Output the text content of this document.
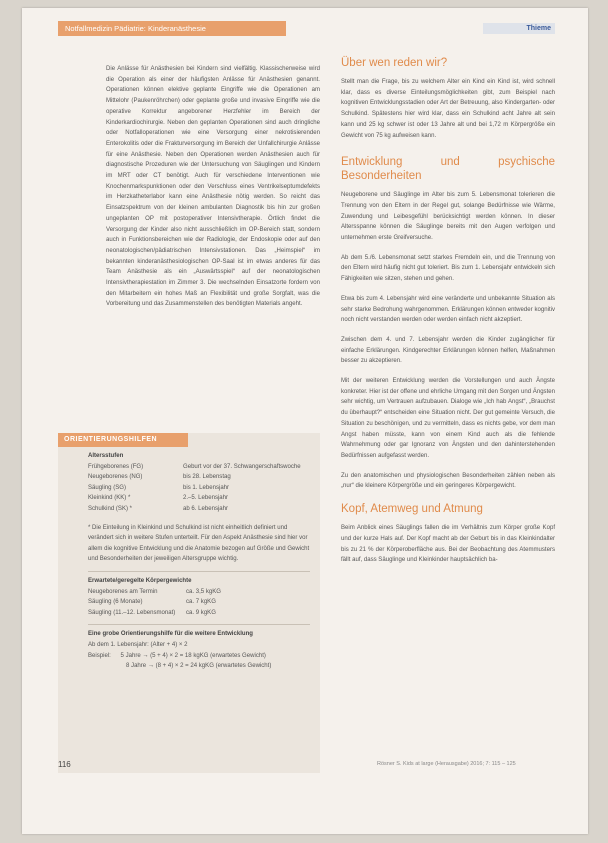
Notfallmedizin Pädiatrie: Kinderanästhesie	Thieme

Die Anlässe für Anästhesien bei Kindern sind vielfältig. Klassischerweise wird die Operation als einer der häufigsten Anlässe für Anästhesien genannt. Operationen können elektive geplante Eingriffe wie die Operationen am Mittelohr (Paukenröhrchen) oder geplante große und invasive Eingriffe wie die operative Korrektur angeborener Herzfehler im Bereich der Kinderkardiochirurgie. Neben den geplanten Operationen sind auch dringliche oder Notfalloperationen wie eine Versorgung einer nekrotisierenden Enterokolitis oder die Frakturversorgung im Bereich der Unfallchirurgie Anlässe für eine Anästhesie. Neben den Operationen werden Anästhesien auch für diagnostische Prozeduren wie der Untersuchung von Säuglingen und Kindern im MRT oder CT benötigt. Auch für verschiedene Interventionen wie Knochenmarkspunktionen oder den Verschluss eines Ventrikelseptumdefekts im Herzkatheterlabor kann eine Anästhesie nötig werden. So reicht das Einsatzspektrum von der kleinen ambulanten Diagnostik bis hin zur großen ungeplanten OP mit postoperativer Intensivtherapie. Örtlich findet die Versorgung der Kinder also nicht ausschließlich im OP-Bereich statt, sondern auch in Funktionsbereichen wie der Radiologie, der Endoskopie oder auf den neonatologischen/pädiatrischen Intensivstationen. Das „Heimspiel“ im bekannten kinderanästhesiologischen OP-Saal ist im etwas anderes für das Team Anästhesie als ein „Auswärtsspiel“ auf der neonatologischen Intensivtherapiestation im Zimmer 3. Die wechselnden Einsatzorte fordern von den Mitarbeitern ein hohes Maß an Flexibilität und große Sorgfalt, was die Vorbereitung und das Zusammenstellen des benötigten Materials angeht.

ORIENTIERUNGSHILFEN
Altersstufen
Frühgeborenes (FG)	Geburt vor der 37. Schwangerschaftswoche
Neugeborenes (NG)	bis 28. Lebenstag
Säugling (SG)	bis 1. Lebensjahr
Kleinkind (KK) *	2.–5. Lebensjahr
Schulkind (SK) *	ab 6. Lebensjahr
* Die Einteilung in Kleinkind und Schulkind ist nicht einheitlich definiert und verändert sich in weitere Stufen unterteilt. Für den Aspekt Anästhesie sind hier vor allem die kognitive Entwicklung und die Anatomie bezogen auf Größe und Gewicht und Besonderheiten der jeweiligen Altersgruppe wichtig.
Erwartete/geregelte Körpergewichte
Neugeborenes am Termin	ca. 3,5 kgKG
Säugling (6 Monate)	ca. 7 kgKG
Säugling (11.–12. Lebensmonat)	ca. 9 kgKG
Eine grobe Orientierungshilfe für die weitere Entwicklung
Ab dem 1. Lebensjahr: (Alter + 4) × 2
Beispiel: 5 Jahre → (5 + 4) × 2 = 18 kgKG (erwartetes Gewicht)
8 Jahre → (8 + 4) × 2 = 24 kgKG (erwartetes Gewicht)
Über wen reden wir?

Stellt man die Frage, bis zu welchem Alter ein Kind ein Kind ist, wird schnell klar, dass es diverse Einteilungsmöglichkeiten gibt, zum Beispiel nach kognitiven Entwicklungsstadien oder Art der Betreuung, also Kindergarten- oder Schulkind. Spätestens hier wird klar, dass ein Schulkind acht Jahre alt sein kann und 25 kg schwer ist oder 13 Jahre alt und bei 1,72 m Körpergröße ein Gewicht von 75 kg aufweisen kann.

Entwicklung und psychische Besonderheiten

Neugeborene und Säuglinge im Alter bis zum 5. Lebensmonat tolerieren die Trennung von den Eltern in der Regel gut, solange Bedürfnisse wie Wärme, Zuwendung und Leibesgefühl berücksichtigt werden können. In dieser Altersspanne können die Säuglinge bereits mit den Augen verfolgen und unternehmen erste Greifversuche.

Ab dem 5./6. Lebensmonat setzt starkes Fremdeln ein, und die Trennung von den Eltern wird häufig nicht gut toleriert. Bis zum 1. Lebensjahr entwickeln sich Fähigkeiten wie sitzen, stehen und gehen.

Etwa bis zum 4. Lebensjahr wird eine veränderte und unbekannte Situation als sehr starke Bedrohung wahrgenommen. Erklärungen können entweder kognitiv noch nicht verstanden werden oder werden einfach nicht akzeptiert.

Zwischen dem 4. und 7. Lebensjahr werden die Kinder zugänglicher für einfache Erklärungen. Kindgerechter Erklärungen können helfen, Maßnahmen besser zu akzeptieren.

Mit der weiteren Entwicklung werden die Vorstellungen und auch Ängste konkreter. Hier ist der offene und ehrliche Umgang mit den Sorgen und Ängsten sehr wichtig, um Vertrauen aufzubauen. Dialoge wie „Ich hab Angst“, „Brauchst du überhaupt?“ entscheiden eine Situation nicht. Der gut gemeinte Versuch, die Situation zu beschönigen, und zu vermitteln, dass es nichts gebe, vor dem man Angst haben müsste, kann von einem Kind auch als die fehlende Wahrnehmung oder gar Ignoranz von Ängsten und den dahinterstehenden Bedürfnissen aufgefasst werden.

Zu den anatomischen und physiologischen Besonderheiten zählen neben als „nur“ die kleinere Körpergröße und ein geringeres Körpergewicht.

Kopf, Atemweg und Atmung

Beim Anblick eines Säuglings fallen die im Verhältnis zum Körper große Kopf und der kurze Hals auf. Der Kopf macht ab der Geburt bis in das Kleinkindalter bis zu 21 % der Körperoberfläche aus. Bei der Beobachtung des Atemmusters fällt auf, dass Säuglinge und Kleinkinder hauptsächlich ba-

116	Rösner S. Kids at large (Herausgabe) 2016; 7: 115 – 125
